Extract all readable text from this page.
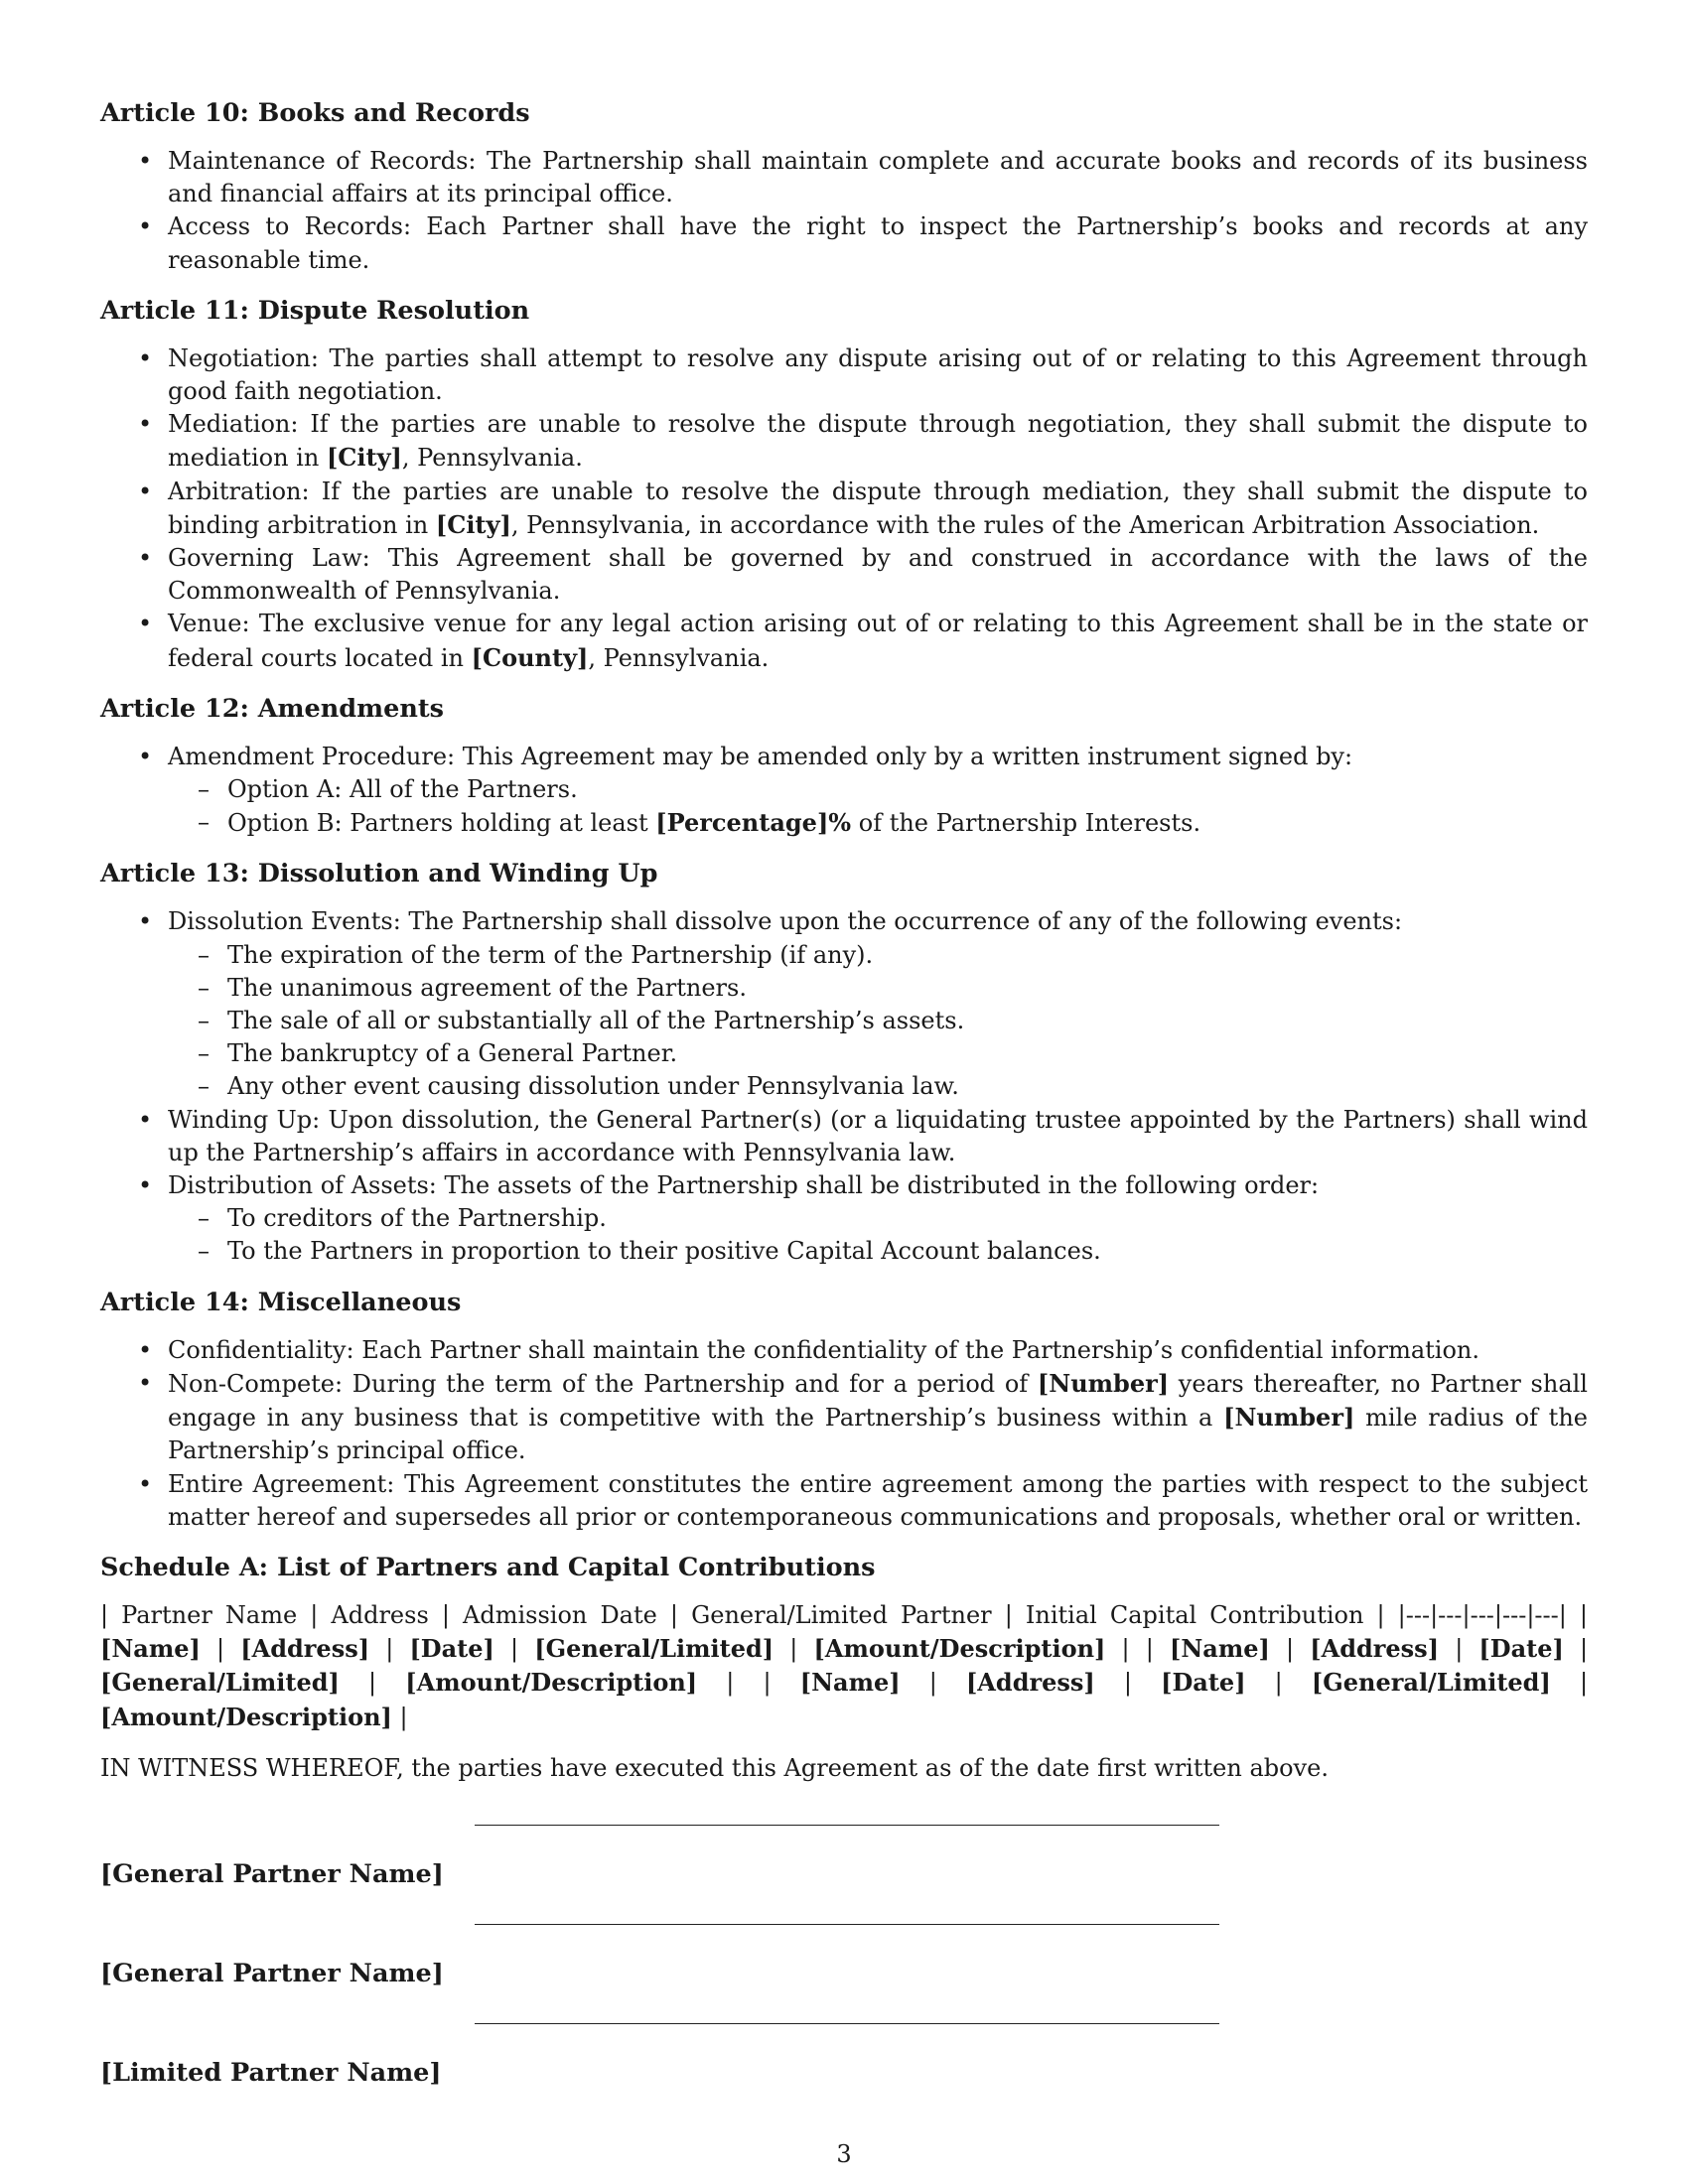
Article 10: Books and Records
• Maintenance of Records: The Partnership shall maintain complete and accurate books and records of its business and financial affairs at its principal office.
• Access to Records: Each Partner shall have the right to inspect the Partnership’s books and records at any reasonable time.
Article 11: Dispute Resolution
• Negotiation: The parties shall attempt to resolve any dispute arising out of or relating to this Agreement through good faith negotiation.
• Mediation: If the parties are unable to resolve the dispute through negotiation, they shall submit the dispute to mediation in [City], Pennsylvania.
• Arbitration: If the parties are unable to resolve the dispute through mediation, they shall submit the dispute to binding arbitration in [City], Pennsylvania, in accordance with the rules of the American Arbitration Association.
• Governing Law: This Agreement shall be governed by and construed in accordance with the laws of the Commonwealth of Pennsylvania.
• Venue: The exclusive venue for any legal action arising out of or relating to this Agreement shall be in the state or federal courts located in [County], Pennsylvania.
Article 12: Amendments
• Amendment Procedure: This Agreement may be amended only by a written instrument signed by:
– Option A: All of the Partners.
– Option B: Partners holding at least [Percentage]% of the Partnership Interests.
Article 13: Dissolution and Winding Up
• Dissolution Events: The Partnership shall dissolve upon the occurrence of any of the following events:
– The expiration of the term of the Partnership (if any).
– The unanimous agreement of the Partners.
– The sale of all or substantially all of the Partnership’s assets.
– The bankruptcy of a General Partner.
– Any other event causing dissolution under Pennsylvania law.
• Winding Up: Upon dissolution, the General Partner(s) (or a liquidating trustee appointed by the Partners) shall wind up the Partnership’s affairs in accordance with Pennsylvania law.
• Distribution of Assets: The assets of the Partnership shall be distributed in the following order:
– To creditors of the Partnership.
– To the Partners in proportion to their positive Capital Account balances.
Article 14: Miscellaneous
• Confidentiality: Each Partner shall maintain the confidentiality of the Partnership’s confidential information.
• Non-Compete: During the term of the Partnership and for a period of [Number] years thereafter, no Partner shall engage in any business that is competitive with the Partnership’s business within a [Number] mile radius of the Partnership’s principal office.
• Entire Agreement: This Agreement constitutes the entire agreement among the parties with respect to the subject matter hereof and supersedes all prior or contemporaneous communications and proposals, whether oral or written.
Schedule A: List of Partners and Capital Contributions
| Partner Name | Address | Admission Date | General/Limited Partner | Initial Capital Contribution | |---|---|---|---|---| | [Name] | [Address] | [Date] | [General/Limited] | [Amount/Description] | | [Name] | [Address] | [Date] | [General/Limited] | [Amount/Description] | | [Name] | [Address] | [Date] | [General/Limited] | [Amount/Description] |
IN WITNESS WHEREOF, the parties have executed this Agreement as of the date first written above.
[General Partner Name]
[General Partner Name]
[Limited Partner Name]
3
